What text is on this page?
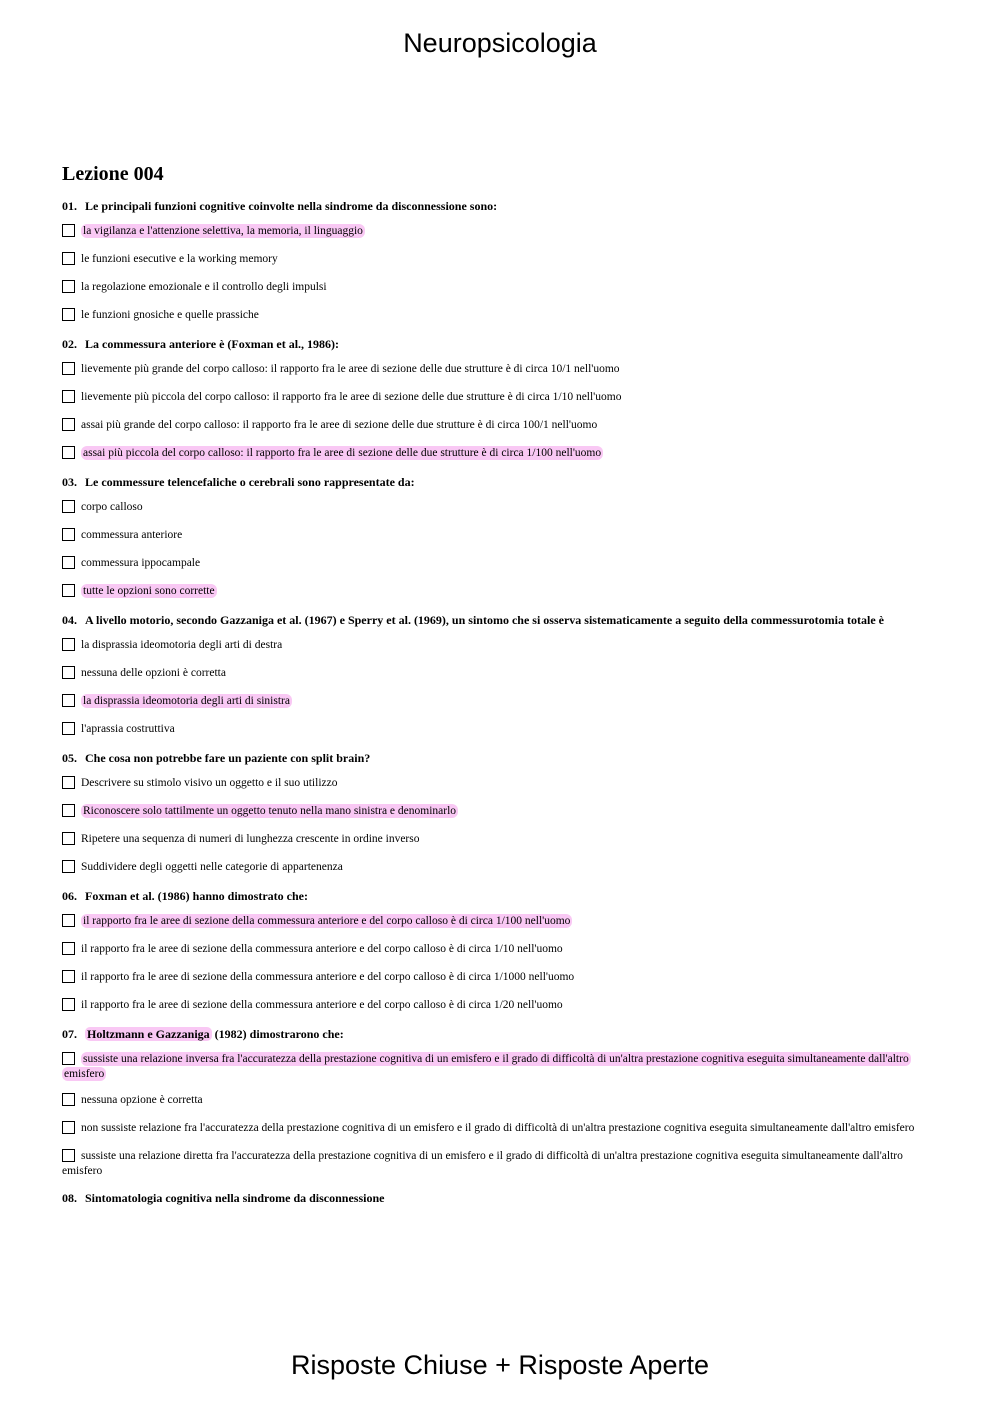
Neuropsicologia
Lezione 004
01. Le principali funzioni cognitive coinvolte nella sindrome da disconnessione sono:
la vigilanza e l'attenzione selettiva, la memoria, il linguaggio
le funzioni esecutive e la working memory
la regolazione emozionale e il controllo degli impulsi
le funzioni gnosiche e quelle prassiche
02. La commessura anteriore è (Foxman et al., 1986):
lievemente più grande del corpo calloso: il rapporto fra le aree di sezione delle due strutture è di circa 10/1 nell'uomo
lievemente più piccola del corpo calloso: il rapporto fra le aree di sezione delle due strutture è di circa 1/10 nell'uomo
assai più grande del corpo calloso: il rapporto fra le aree di sezione delle due strutture è di circa 100/1 nell'uomo
assai più piccola del corpo calloso: il rapporto fra le aree di sezione delle due strutture è di circa 1/100 nell'uomo
03. Le commessure telencefaliche o cerebrali sono rappresentate da:
corpo calloso
commessura anteriore
commessura ippocampale
tutte le opzioni sono corrette
04. A livello motorio, secondo Gazzaniga et al. (1967) e Sperry et al. (1969), un sintomo che si osserva sistematicamente a seguito della commessurotomia totale è
la disprassia ideomotoria degli arti di destra
nessuna delle opzioni è corretta
la disprassia ideomotoria degli arti di sinistra
l'aprassia costruttiva
05. Che cosa non potrebbe fare un paziente con split brain?
Descrivere su stimolo visivo un oggetto e il suo utilizzo
Riconoscere solo tattilmente un oggetto tenuto nella mano sinistra e denominarlo
Ripetere una sequenza di numeri di lunghezza crescente in ordine inverso
Suddividere degli oggetti nelle categorie di appartenenza
06. Foxman et al. (1986) hanno dimostrato che:
il rapporto fra le aree di sezione della commessura anteriore e del corpo calloso è di circa 1/100 nell'uomo
il rapporto fra le aree di sezione della commessura anteriore e del corpo calloso è di circa 1/10 nell'uomo
il rapporto fra le aree di sezione della commessura anteriore e del corpo calloso è di circa 1/1000 nell'uomo
il rapporto fra le aree di sezione della commessura anteriore e del corpo calloso è di circa 1/20 nell'uomo
07. Holtzmann e Gazzaniga (1982) dimostrarono che:
sussiste una relazione inversa fra l'accuratezza della prestazione cognitiva di un emisfero e il grado di difficoltà di un'altra prestazione cognitiva eseguita simultaneamente dall'altro emisfero
nessuna opzione è corretta
non sussiste relazione fra l'accuratezza della prestazione cognitiva di un emisfero e il grado di difficoltà di un'altra prestazione cognitiva eseguita simultaneamente dall'altro emisfero
sussiste una relazione diretta fra l'accuratezza della prestazione cognitiva di un emisfero e il grado di difficoltà di un'altra prestazione cognitiva eseguita simultaneamente dall'altro emisfero
08. Sintomatologia cognitiva nella sindrome da disconnessione
Risposte Chiuse + Risposte Aperte
